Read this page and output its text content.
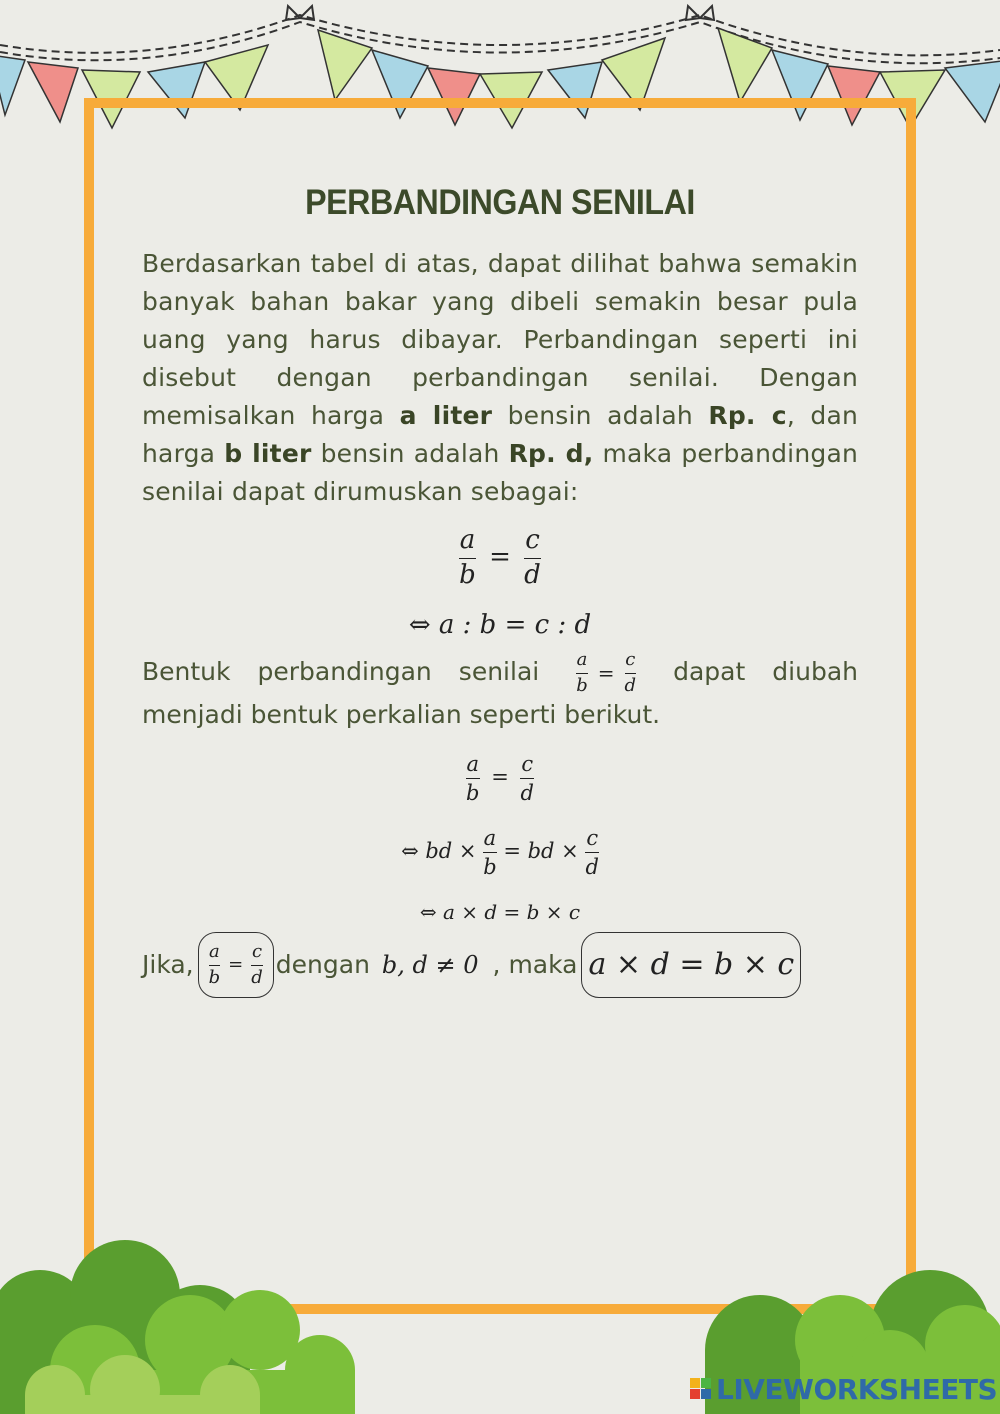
PERBANDINGAN SENILAI
Berdasarkan tabel di atas, dapat dilihat bahwa semakin banyak bahan bakar yang dibeli semakin besar pula uang yang harus dibayar. Perbandingan seperti ini disebut dengan perbandingan senilai. Dengan memisalkan harga a liter bensin adalah Rp. c, dan harga b liter bensin adalah Rp. d, maka perbandingan senilai dapat dirumuskan sebagai:
$\frac{a}{b} = \frac{c}{d}$
⇔ a : b = c : d
Bentuk perbandingan senilai $\frac{a}{b} = \frac{c}{d}$ dapat diubah menjadi bentuk perkalian seperti berikut.
$\frac{a}{b} = \frac{c}{d}$
⇔ bd × $\frac{a}{b}$ = bd × $\frac{c}{d}$
⇔ a × d = b × c
Jika, $\frac{a}{b} = \frac{c}{d}$ dengan b, d ≠ 0 , maka a × d = b × c
LIVEWORKSHEETS
